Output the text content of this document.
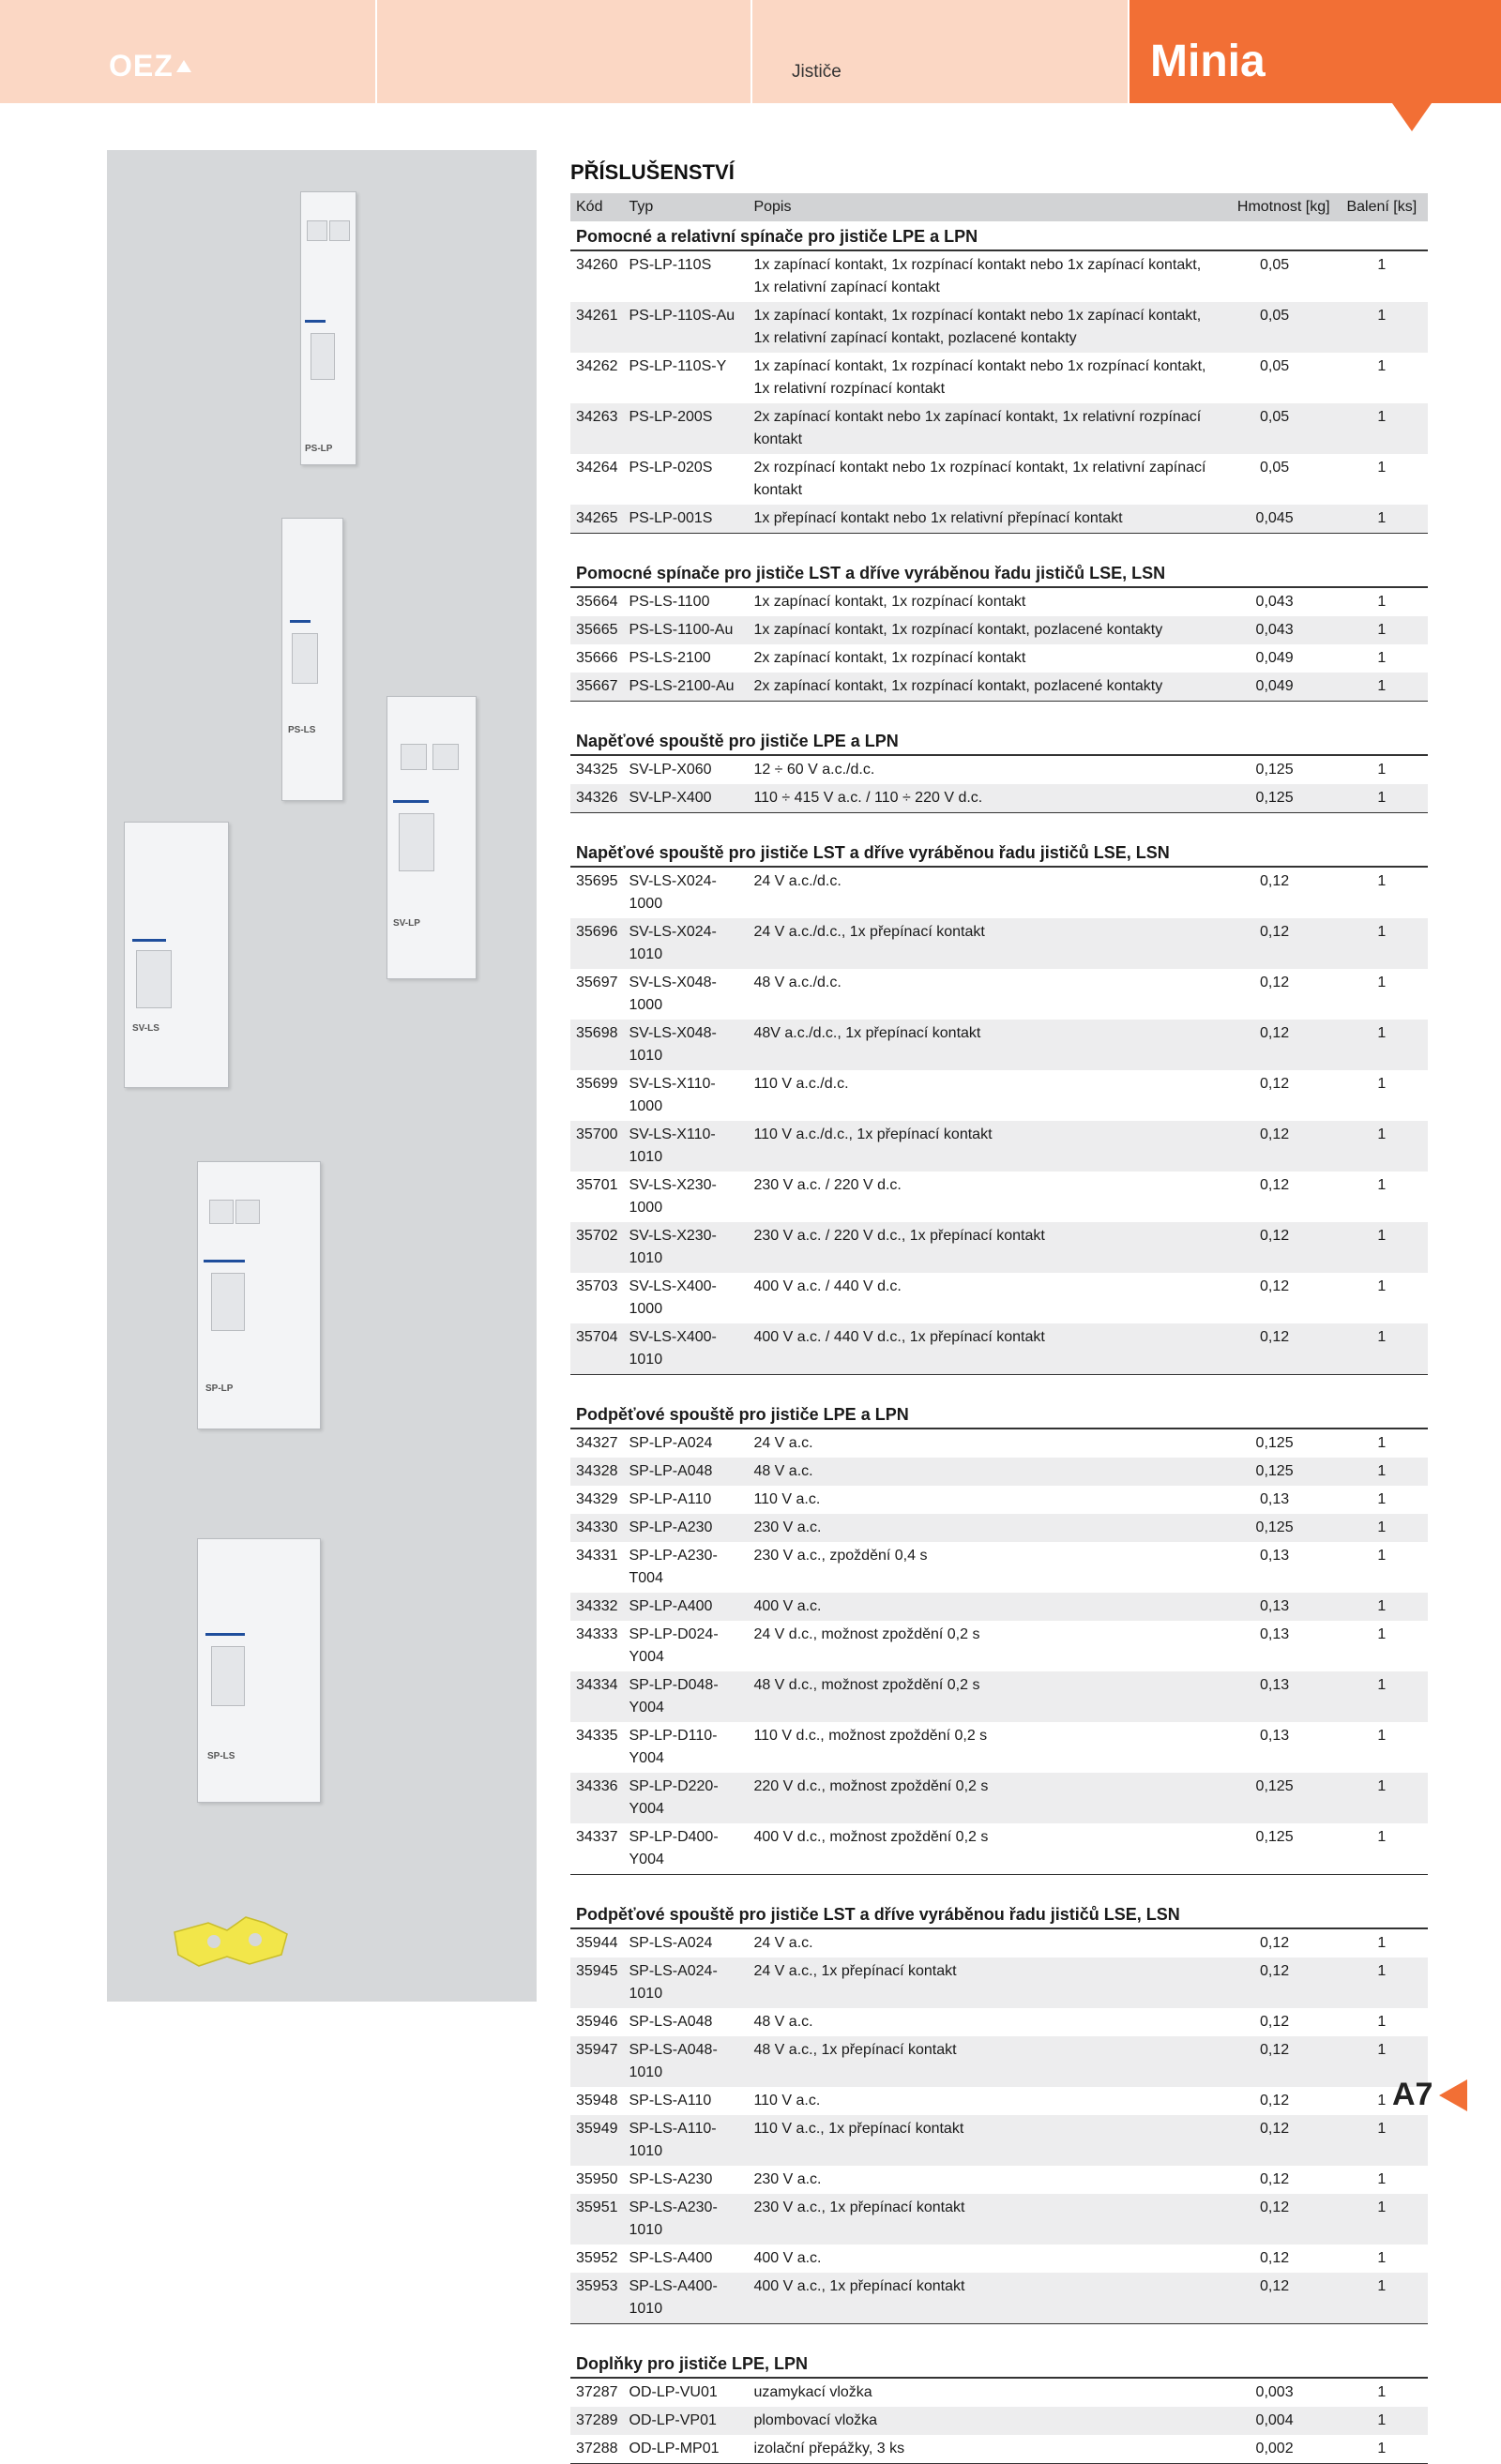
OEZ	Jističe	Minia
PS-LP
PS-LS
SV-LP
SV-LS
SP-LP
SP-LS
PŘÍSLUŠENSTVÍ
Kód	Typ	Popis	Hmotnost [kg]	Balení [ks]
Pomocné a relativní spínače pro jističe LPE a LPN				
34260	PS-LP-110S	1x zapínací kontakt, 1x rozpínací kontakt nebo 1x zapínací kontakt, 1x relativní zapínací kontakt	0,05	1
34261	PS-LP-110S-Au	1x zapínací kontakt, 1x rozpínací kontakt nebo 1x zapínací kontakt, 1x relativní zapínací kontakt, pozlacené kontakty	0,05	1
34262	PS-LP-110S-Y	1x zapínací kontakt, 1x rozpínací kontakt nebo 1x rozpínací kontakt, 1x relativní rozpínací kontakt	0,05	1
34263	PS-LP-200S	2x zapínací kontakt nebo 1x zapínací kontakt, 1x relativní rozpínací kontakt	0,05	1
34264	PS-LP-020S	2x rozpínací kontakt nebo 1x rozpínací kontakt, 1x relativní zapínací kontakt	0,05	1
34265	PS-LP-001S	1x přepínací kontakt nebo 1x relativní přepínací kontakt	0,045	1
Pomocné spínače pro jističe LST a dříve vyráběnou řadu jističů LSE, LSN				
35664	PS-LS-1100	1x zapínací kontakt, 1x rozpínací kontakt	0,043	1
35665	PS-LS-1100-Au	1x zapínací kontakt, 1x rozpínací kontakt, pozlacené kontakty	0,043	1
35666	PS-LS-2100	2x zapínací kontakt, 1x rozpínací kontakt	0,049	1
35667	PS-LS-2100-Au	2x zapínací kontakt, 1x rozpínací kontakt, pozlacené kontakty	0,049	1
Napěťové spouště pro jističe LPE a LPN				
34325	SV-LP-X060	12 ÷ 60 V a.c./d.c.	0,125	1
34326	SV-LP-X400	110 ÷ 415 V a.c. / 110 ÷ 220 V d.c.	0,125	1
Napěťové spouště pro jističe LST a dříve vyráběnou řadu jističů LSE, LSN				
35695	SV-LS-X024-1000	24 V a.c./d.c.	0,12	1
35696	SV-LS-X024-1010	24 V a.c./d.c., 1x přepínací kontakt	0,12	1
35697	SV-LS-X048-1000	48 V a.c./d.c.	0,12	1
35698	SV-LS-X048-1010	48V a.c./d.c., 1x přepínací kontakt	0,12	1
35699	SV-LS-X110-1000	110 V a.c./d.c.	0,12	1
35700	SV-LS-X110-1010	110 V a.c./d.c., 1x přepínací kontakt	0,12	1
35701	SV-LS-X230-1000	230 V a.c. / 220 V d.c.	0,12	1
35702	SV-LS-X230-1010	230 V a.c. / 220 V d.c., 1x přepínací kontakt	0,12	1
35703	SV-LS-X400-1000	400 V a.c. / 440 V d.c.	0,12	1
35704	SV-LS-X400-1010	400 V a.c. / 440 V d.c., 1x přepínací kontakt	0,12	1
Podpěťové spouště pro jističe LPE a LPN				
34327	SP-LP-A024	24 V a.c.	0,125	1
34328	SP-LP-A048	48 V a.c.	0,125	1
34329	SP-LP-A110	110 V a.c.	0,13	1
34330	SP-LP-A230	230 V a.c.	0,125	1
34331	SP-LP-A230-T004	230 V a.c., zpoždění 0,4 s	0,13	1
34332	SP-LP-A400	400 V a.c.	0,13	1
34333	SP-LP-D024-Y004	24 V d.c., možnost zpoždění 0,2 s	0,13	1
34334	SP-LP-D048-Y004	48 V d.c., možnost zpoždění 0,2 s	0,13	1
34335	SP-LP-D110-Y004	110 V d.c., možnost zpoždění 0,2 s	0,13	1
34336	SP-LP-D220-Y004	220 V d.c., možnost zpoždění 0,2 s	0,125	1
34337	SP-LP-D400-Y004	400 V d.c., možnost zpoždění 0,2 s	0,125	1
Podpěťové spouště pro jističe LST a dříve vyráběnou řadu jističů LSE, LSN				
35944	SP-LS-A024	24 V a.c.	0,12	1
35945	SP-LS-A024-1010	24 V a.c., 1x přepínací kontakt	0,12	1
35946	SP-LS-A048	48 V a.c.	0,12	1
35947	SP-LS-A048-1010	48 V a.c., 1x přepínací kontakt	0,12	1
35948	SP-LS-A110	110 V a.c.	0,12	1
35949	SP-LS-A110-1010	110 V a.c., 1x přepínací kontakt	0,12	1
35950	SP-LS-A230	230 V a.c.	0,12	1
35951	SP-LS-A230-1010	230 V a.c., 1x přepínací kontakt	0,12	1
35952	SP-LS-A400	400 V a.c.	0,12	1
35953	SP-LS-A400-1010	400 V a.c., 1x přepínací kontakt	0,12	1
Doplňky pro jističe LPE, LPN				
37287	OD-LP-VU01	uzamykací vložka	0,003	1
37289	OD-LP-VP01	plombovací vložka	0,004	1
37288	OD-LP-MP01	izolační přepážky, 3 ks	0,002	1
A7
